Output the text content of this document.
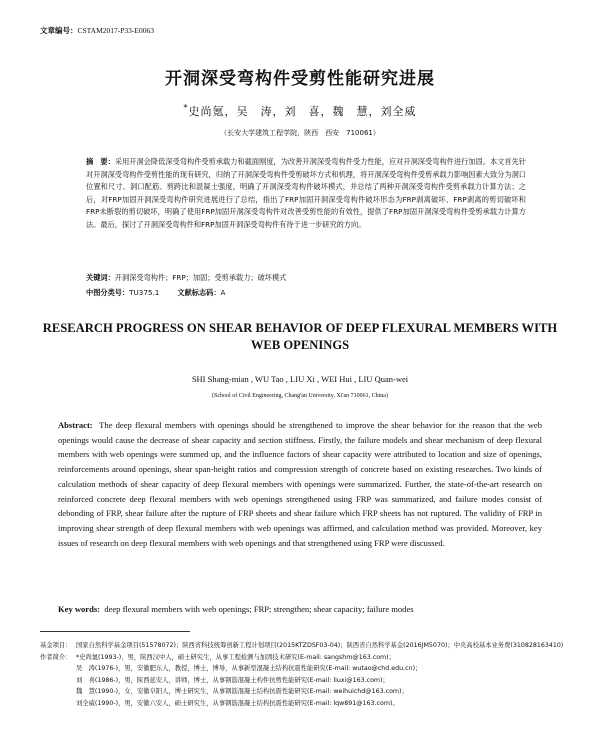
文章编号：CSTAM2017-P33-E0063
开洞深受弯构件受剪性能研究进展
*史尚氪，吴　涛，刘　喜，魏　慧，刘全威
（长安大学建筑工程学院，陕西　西安　710061）
摘　要：采用开洞会降低深受弯构件受剪承载力和截面刚度，为改善开洞深受弯构件受力性能，应对开洞深受弯构件进行加固。本文首先针对开洞深受弯构件受剪性能的现有研究，归纳了开洞深受弯构件受剪破坏方式和机理，将开洞深受弯构件受剪承载力影响因素大致分为洞口位置和尺寸、洞口配筋、剪跨比和混凝土强度，明确了开洞深受弯构件破坏模式，并总结了两种开洞深受弯构件受剪承载力计算方法；之后，对FRP加固开洞深受弯构件研究进展进行了总结，指出了FRP加固开洞深受弯构件破坏形态为FRP剥离破坏、FRP剥离的剪切破坏和FRP未断裂的剪切破坏，明确了使用FRP加固开洞深受弯构件对改善受剪性能的有效性，提供了FRP加固开洞深受弯构件受剪承载力计算方法。最后，探讨了开洞深受弯构件和FRP加固开洞深受弯构件有待于进一步研究的方向。
关键词：开洞深受弯构件；FRP；加固；受剪承载力；破坏模式
中图分类号：TU375.1	文献标志码：A
RESEARCH PROGRESS ON SHEAR BEHAVIOR OF DEEP FLEXURAL MEMBERS WITH WEB OPENINGS
SHI Shang-mian , WU Tao , LIU Xi , WEI Hui , LIU Quan-wei
(School of Civil Engineering, Chang'an University, Xi'an 710061, China)
Abstract: The deep flexural members with openings should be strengthened to improve the shear behavior for the reason that the web openings would cause the decrease of shear capacity and section stiffness. Firstly, the failure models and shear mechanism of deep flexural members with web openings were summed up, and the influence factors of shear capacity were attributed to location and size of openings, reinforcements around openings, shear span-height ratios and compression strength of concrete based on existing researches. Two kinds of calculation methods of shear capacity of deep flexural members with openings were summarized. Further, the state-of-the-art research on reinforced concrete deep flexural members with web openings strengthened using FRP was summarized, and failure modes consist of debonding of FRP, shear failure after the rupture of FRP sheets and shear failure which FRP sheets has not ruptured. The validity of FRP in improving shear strength of deep flexural members with web openings was affirmed, and calculation method was provided. Moreover, key issues of research on deep flexural members with web openings and that strengthened using FRP were discussed.
Key words: deep flexural members with web openings; FRP; strengthen; shear capacity; failure modes
基金项目： 国家自然科学基金项目(51578072)；陕西省科技统筹创新工程计划项目(2015KTZDSF03-04)；陕西省自然科学基金(2016JM5070)；中央高校基本业务费(310828163410)
作者简介： *史尚氪(1993-)，男，陕西汉中人，硕士研究生，从事工程检测与加固技术研究(E-mail: sangshm@163.com)；
吴　涛(1976-)，男，安徽肥东人，教授，博士，博导，从事新型混凝土结构抗震性能研究(E-mail: wutao@chd.edu.cn)；
刘　喜(1986-)，男，陕西延安人，讲师，博士，从事钢筋混凝土构件抗剪性能研究(E-mail: liuxi@163.com)；
魏　慧(1990-)，女，安徽阜阳人，博士研究生，从事钢筋混凝土结构抗震性能研究(E-mail: weihuichd@163.com)；
刘全威(1990-)，男，安徽六安人，硕士研究生，从事钢筋混凝土结构抗震性能研究(E-mail: lqw891@163.com)。
